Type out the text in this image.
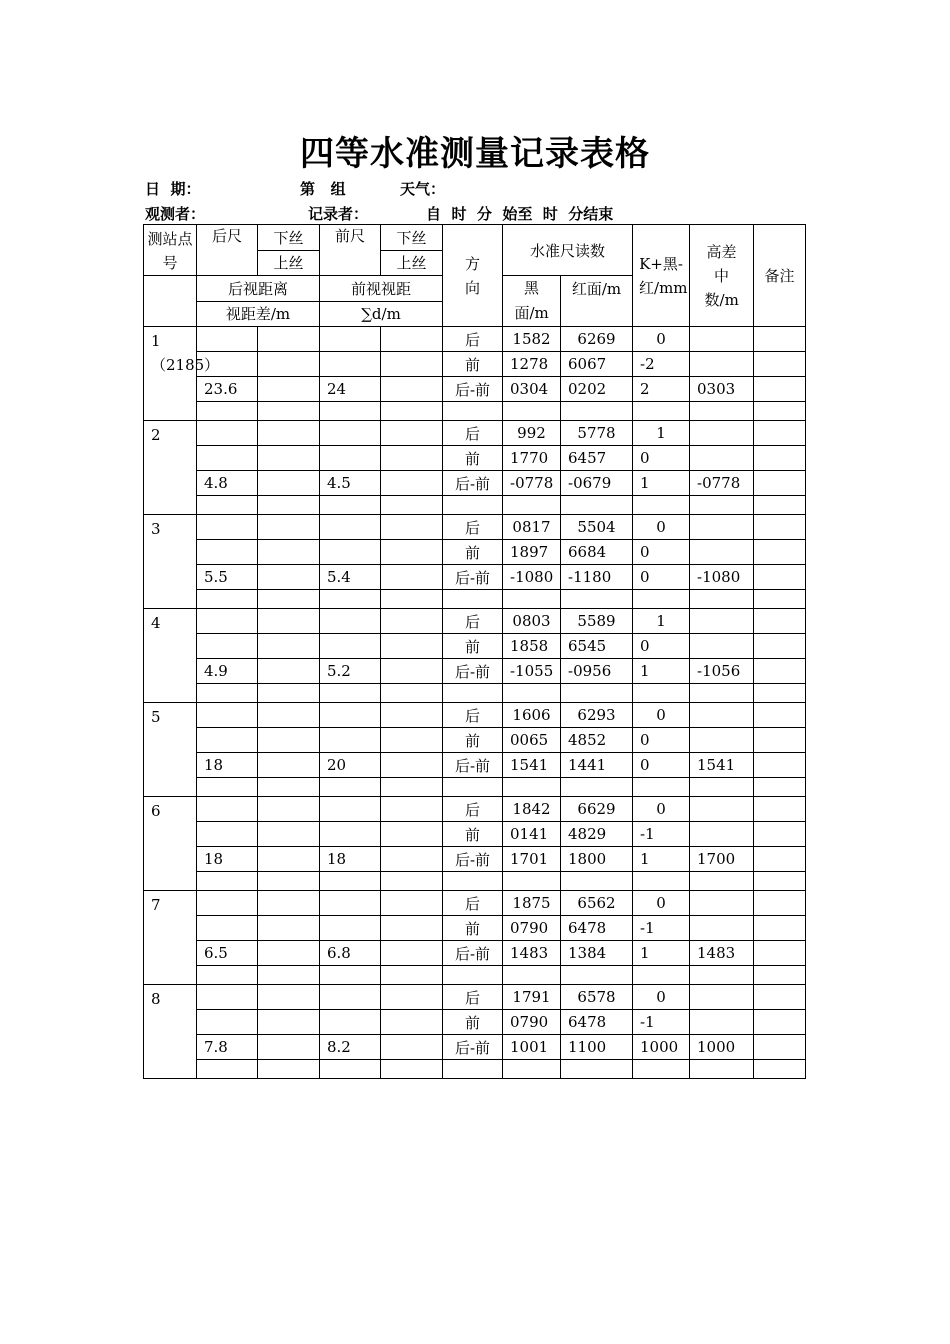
四等水准测量记录表格
日  期：	第   组	天气：
观测者：	记录者：	自  时  分  始至  时  分结束
测站点号	后尺	下丝	前尺	下丝	方向	水准尺读数		K+黑-红/mm	高差中数/m	备注
		上丝		上丝						
	后视距离		前视视距			黑面/m	红面/m			
	视距差/m		∑d/m							

1（2185）					后	1582	6269	0		
					前	1278	6067	-2		
	23.6		24		后-前	0304	0202	2	0303	

2					后	992	5778	1		
					前	1770	6457	0		
	4.8		4.5		后-前	-0778	-0679	1	-0778	

3					后	0817	5504	0		
					前	1897	6684	0		
	5.5		5.4		后-前	-1080	-1180	0	-1080	

4					后	0803	5589	1		
					前	1858	6545	0		
	4.9		5.2		后-前	-1055	-0956	1	-1056	

5					后	1606	6293	0		
					前	0065	4852	0		
	18		20		后-前	1541	1441	0	1541	

6					后	1842	6629	0		
					前	0141	4829	-1		
	18		18		后-前	1701	1800	1	1700	

7					后	1875	6562	0		
					前	0790	6478	-1		
	6.5		6.8		后-前	1483	1384	1	1483	

8					后	1791	6578	0		
					前	0790	6478	-1		
	7.8		8.2		后-前	1001	1100	1000	1000	
